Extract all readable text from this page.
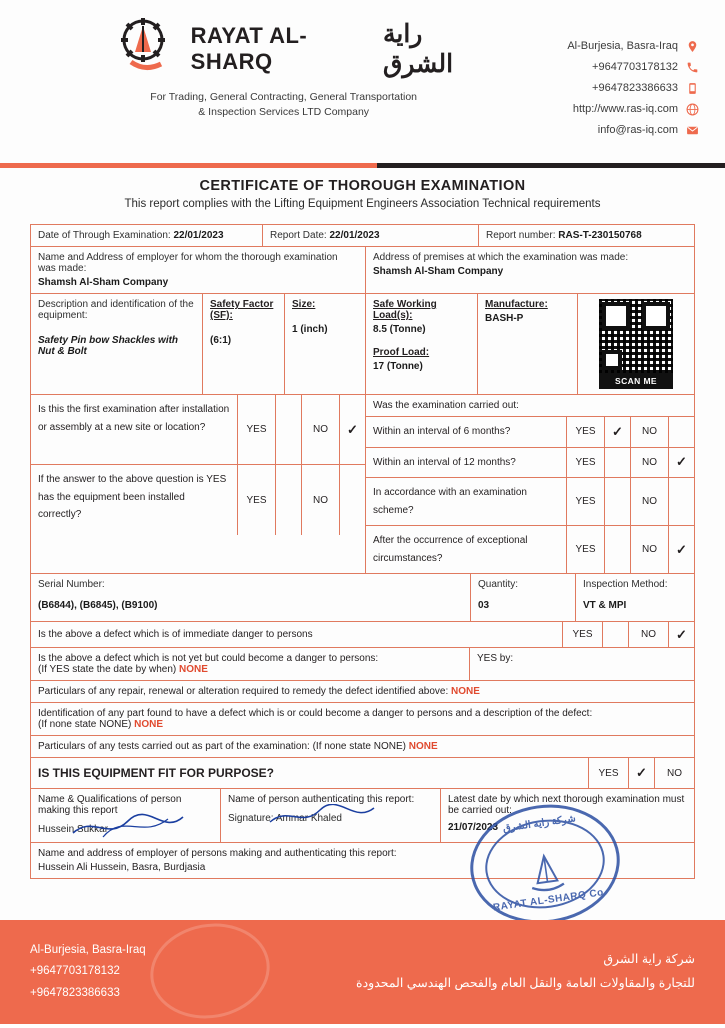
RAYAT AL-SHARQ
راية الشرق
For Trading, General Contracting, General Transportation
& Inspection Services LTD Company
Al-Burjesia, Basra-Iraq
+9647703178132
+9647823386633
http://www.ras-iq.com
info@ras-iq.com
CERTIFICATE OF THOROUGH EXAMINATION
This report complies with the Lifting Equipment Engineers Association Technical requirements
Date of Through Examination: 22/01/2023	Report Date: 22/01/2023	Report number: RAS-T-230150768
Name and Address of employer for whom the thorough examination was made:
Shamsh Al-Sham Company
Address of premises at which the examination was made:
Shamsh Al-Sham Company
Description and identification of the equipment:
Safety Pin bow Shackles with
Nut & Bolt
Safety Factor (SF):
(6:1)
Size:
1 (inch)
Safe Working Load(s):
8.5 (Tonne)
Proof Load:
17 (Tonne)
Manufacture:
BASH-P
SCAN ME
Is this the first examination after installation or assembly at a new site or location?	YES	NO	✓
If the answer to the above question is YES has the equipment been installed correctly?
YES	NO
Was the examination carried out:
Within an interval of 6 months?	YES	✓	NO
Within an interval of 12 months?	YES	NO	✓
In accordance with an examination scheme?
YES	NO
After the occurrence of exceptional circumstances?
YES	NO	✓
Serial Number:
(B6844), (B6845), (B9100)
Quantity:
03
Inspection Method:
VT & MPI
Is the above a defect which is of immediate danger to persons	YES	NO	✓
Is the above a defect which is not yet but could become a danger to persons:
(If YES state the date by when) NONE
YES by:
Particulars of any repair, renewal or alteration required to remedy the defect identified above: NONE
Identification of any part found to have a defect which is or could become a danger to persons and a description of the defect:
(If none state NONE) NONE
Particulars of any tests carried out as part of the examination: (If none state NONE) NONE
IS THIS EQUIPMENT FIT FOR PURPOSE?	YES	✓	NO
Name & Qualifications of person making this report
Hussein Sukkar
Name of person authenticating this report:
Signature: Ammar Khaled
Latest date by which next thorough examination must be carried out:
21/07/2023
Name and address of employer of persons making and authenticating this report:
Hussein Ali Hussein, Basra, Burdjasia
شركة راية الشرق
RAYAT AL-SHARQ Co.
Al-Burjesia, Basra-Iraq
+9647703178132
+9647823386633
شركة راية الشرق
للتجارة والمقاولات العامة والنقل العام والفحص الهندسي المحدودة
